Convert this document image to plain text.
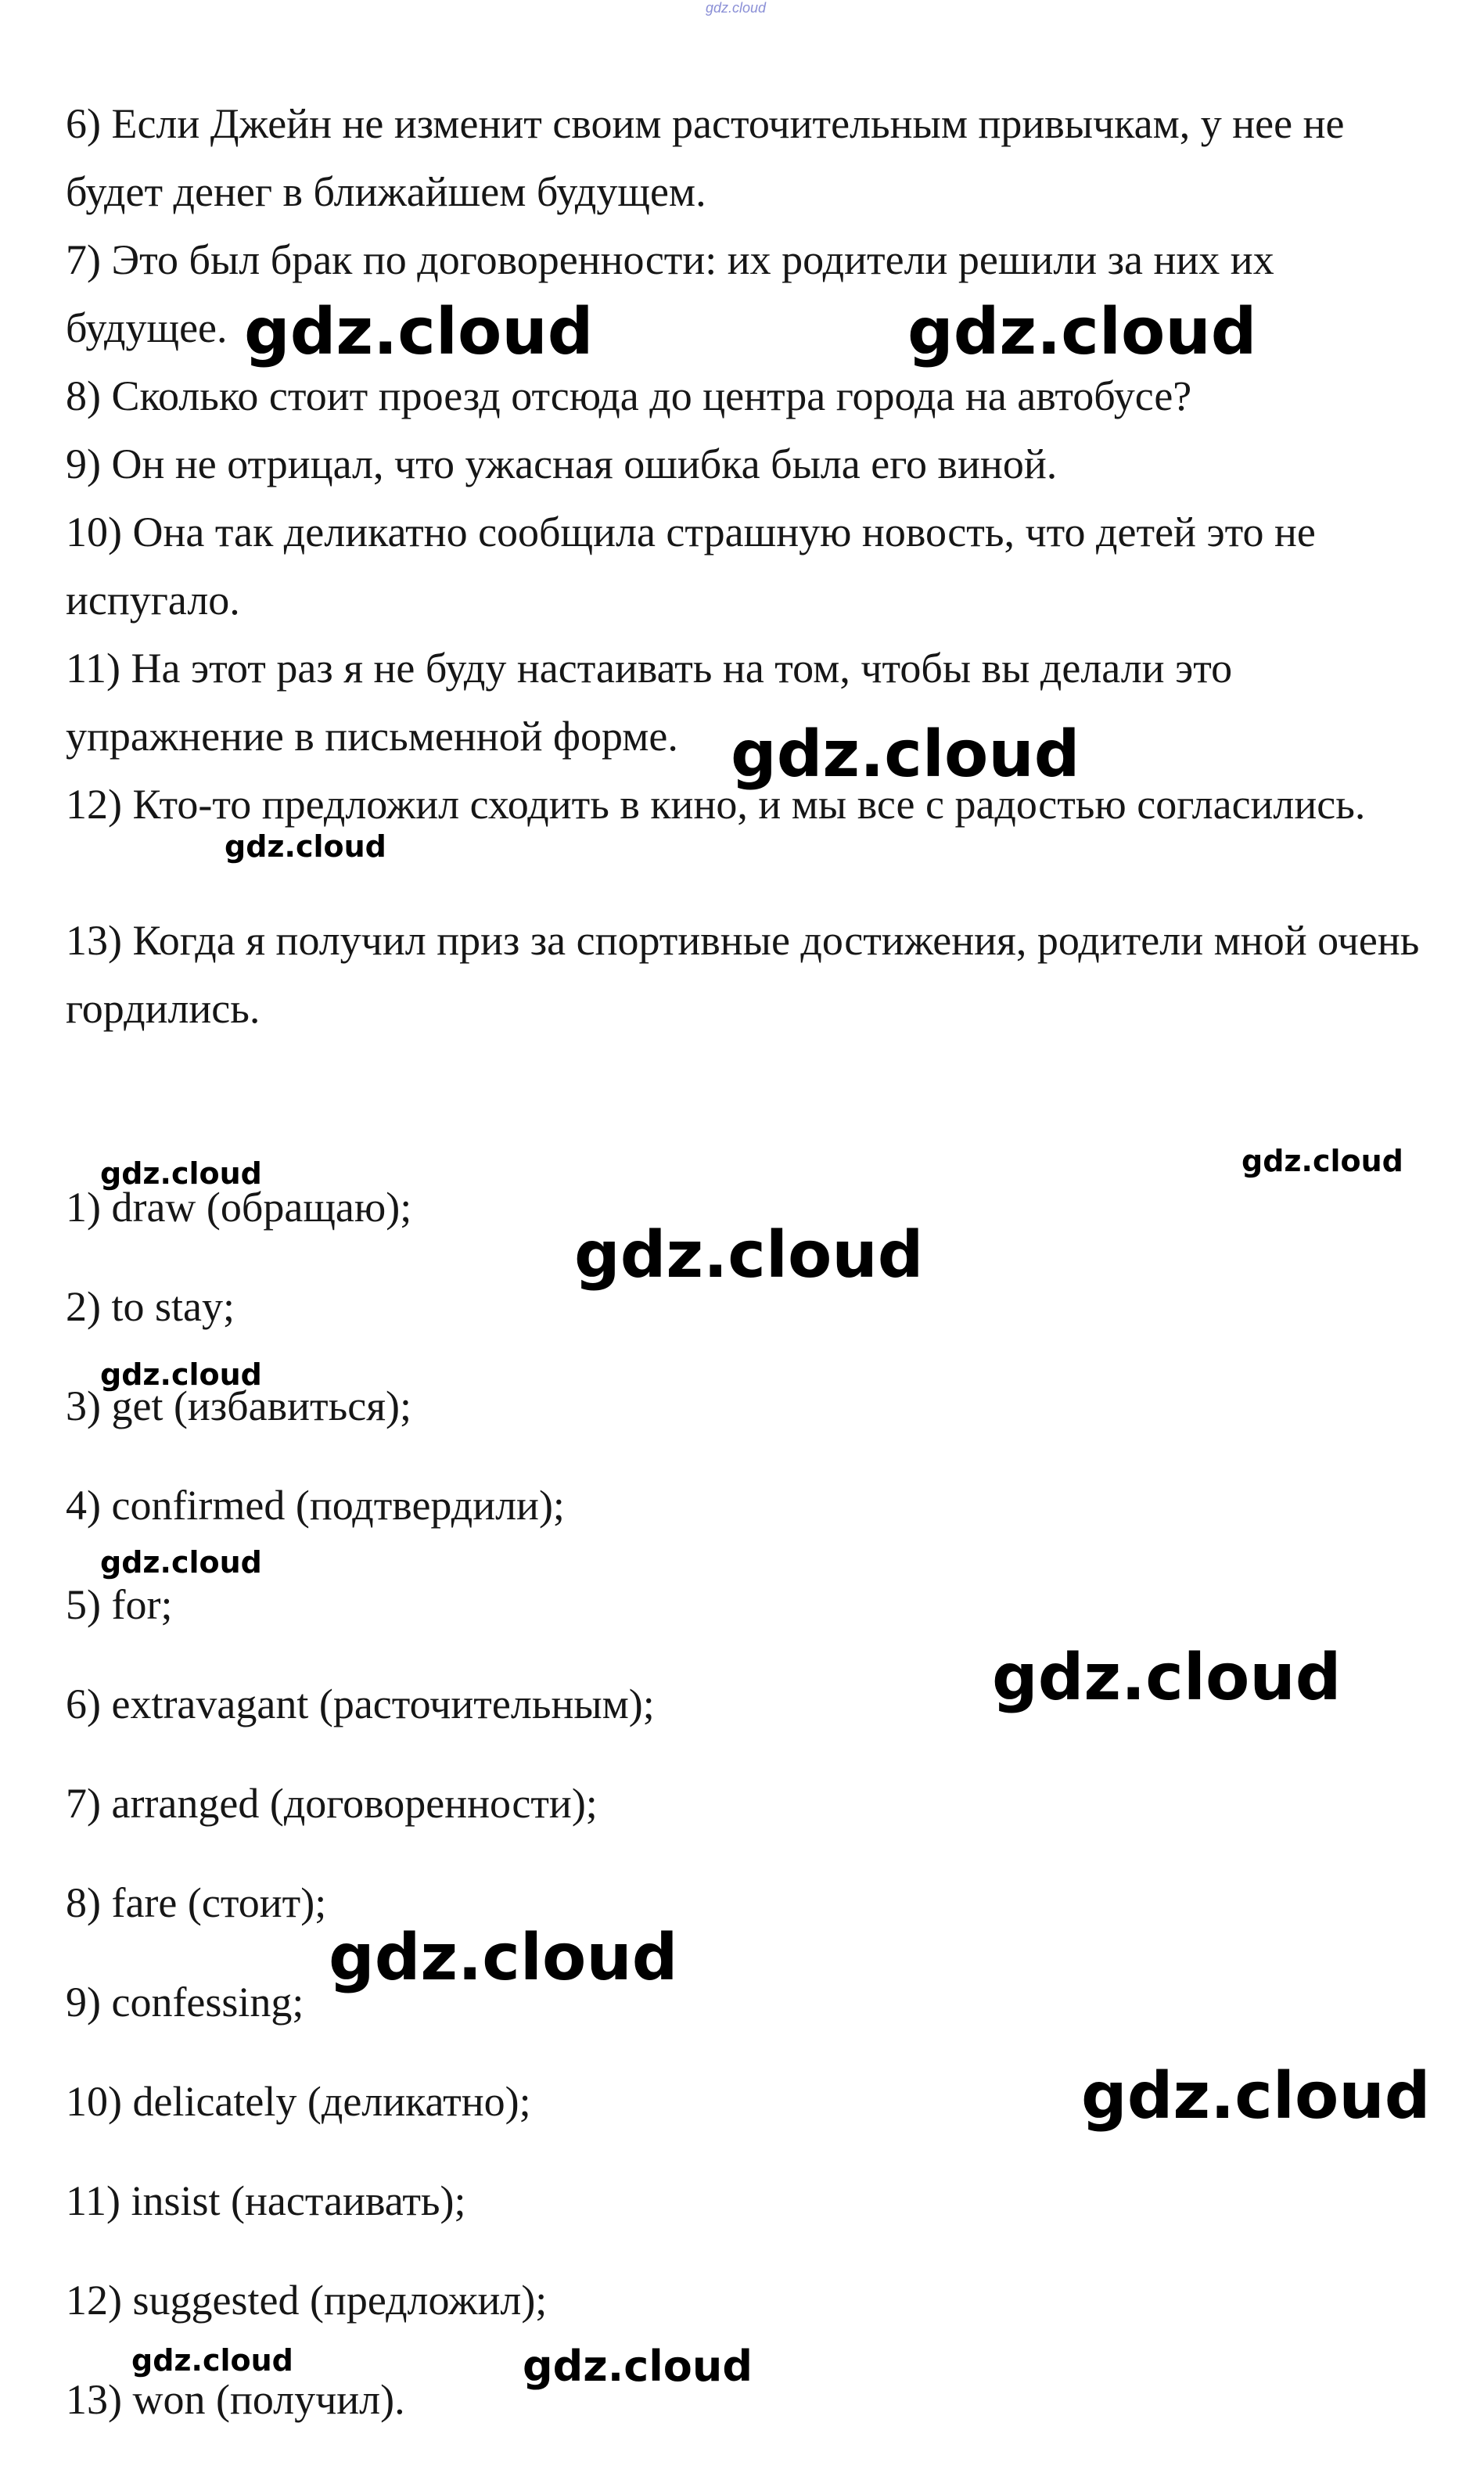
gdz.cloud

6) Если Джейн не изменит своим расточительным привычкам, у нее не будет денег в ближайшем будущем.

7) Это был брак по договоренности: их родители решили за них их будущее.

8) Сколько стоит проезд отсюда до центра города на автобусе?

9) Он не отрицал, что ужасная ошибка была его виной.

10) Она так деликатно сообщила страшную новость, что детей это не испугало.

11) На этот раз я не буду настаивать на том, чтобы вы делали это упражнение в письменной форме.

12) Кто-то предложил сходить в кино, и мы все с радостью согласились.

13) Когда я получил приз за спортивные достижения, родители мной очень гордились.

1) draw (обращаю);
2) to stay;
3) get (избавиться);
4) confirmed (подтвердили);
5) for;
6) extravagant (расточительным);
7) arranged (договоренности);
8) fare (стоит);
9) confessing;
10) delicately (деликатно);
11) insist (настаивать);
12) suggested (предложил);
13) won (получил).
gdz.cloud	gdz.cloud
gdz.cloud
gdz.cloud
gdz.cloud	gdz.cloud
gdz.cloud
gdz.cloud
gdz.cloud
gdz.cloud
gdz.cloud
gdz.cloud
gdz.cloud	gdz.cloud
